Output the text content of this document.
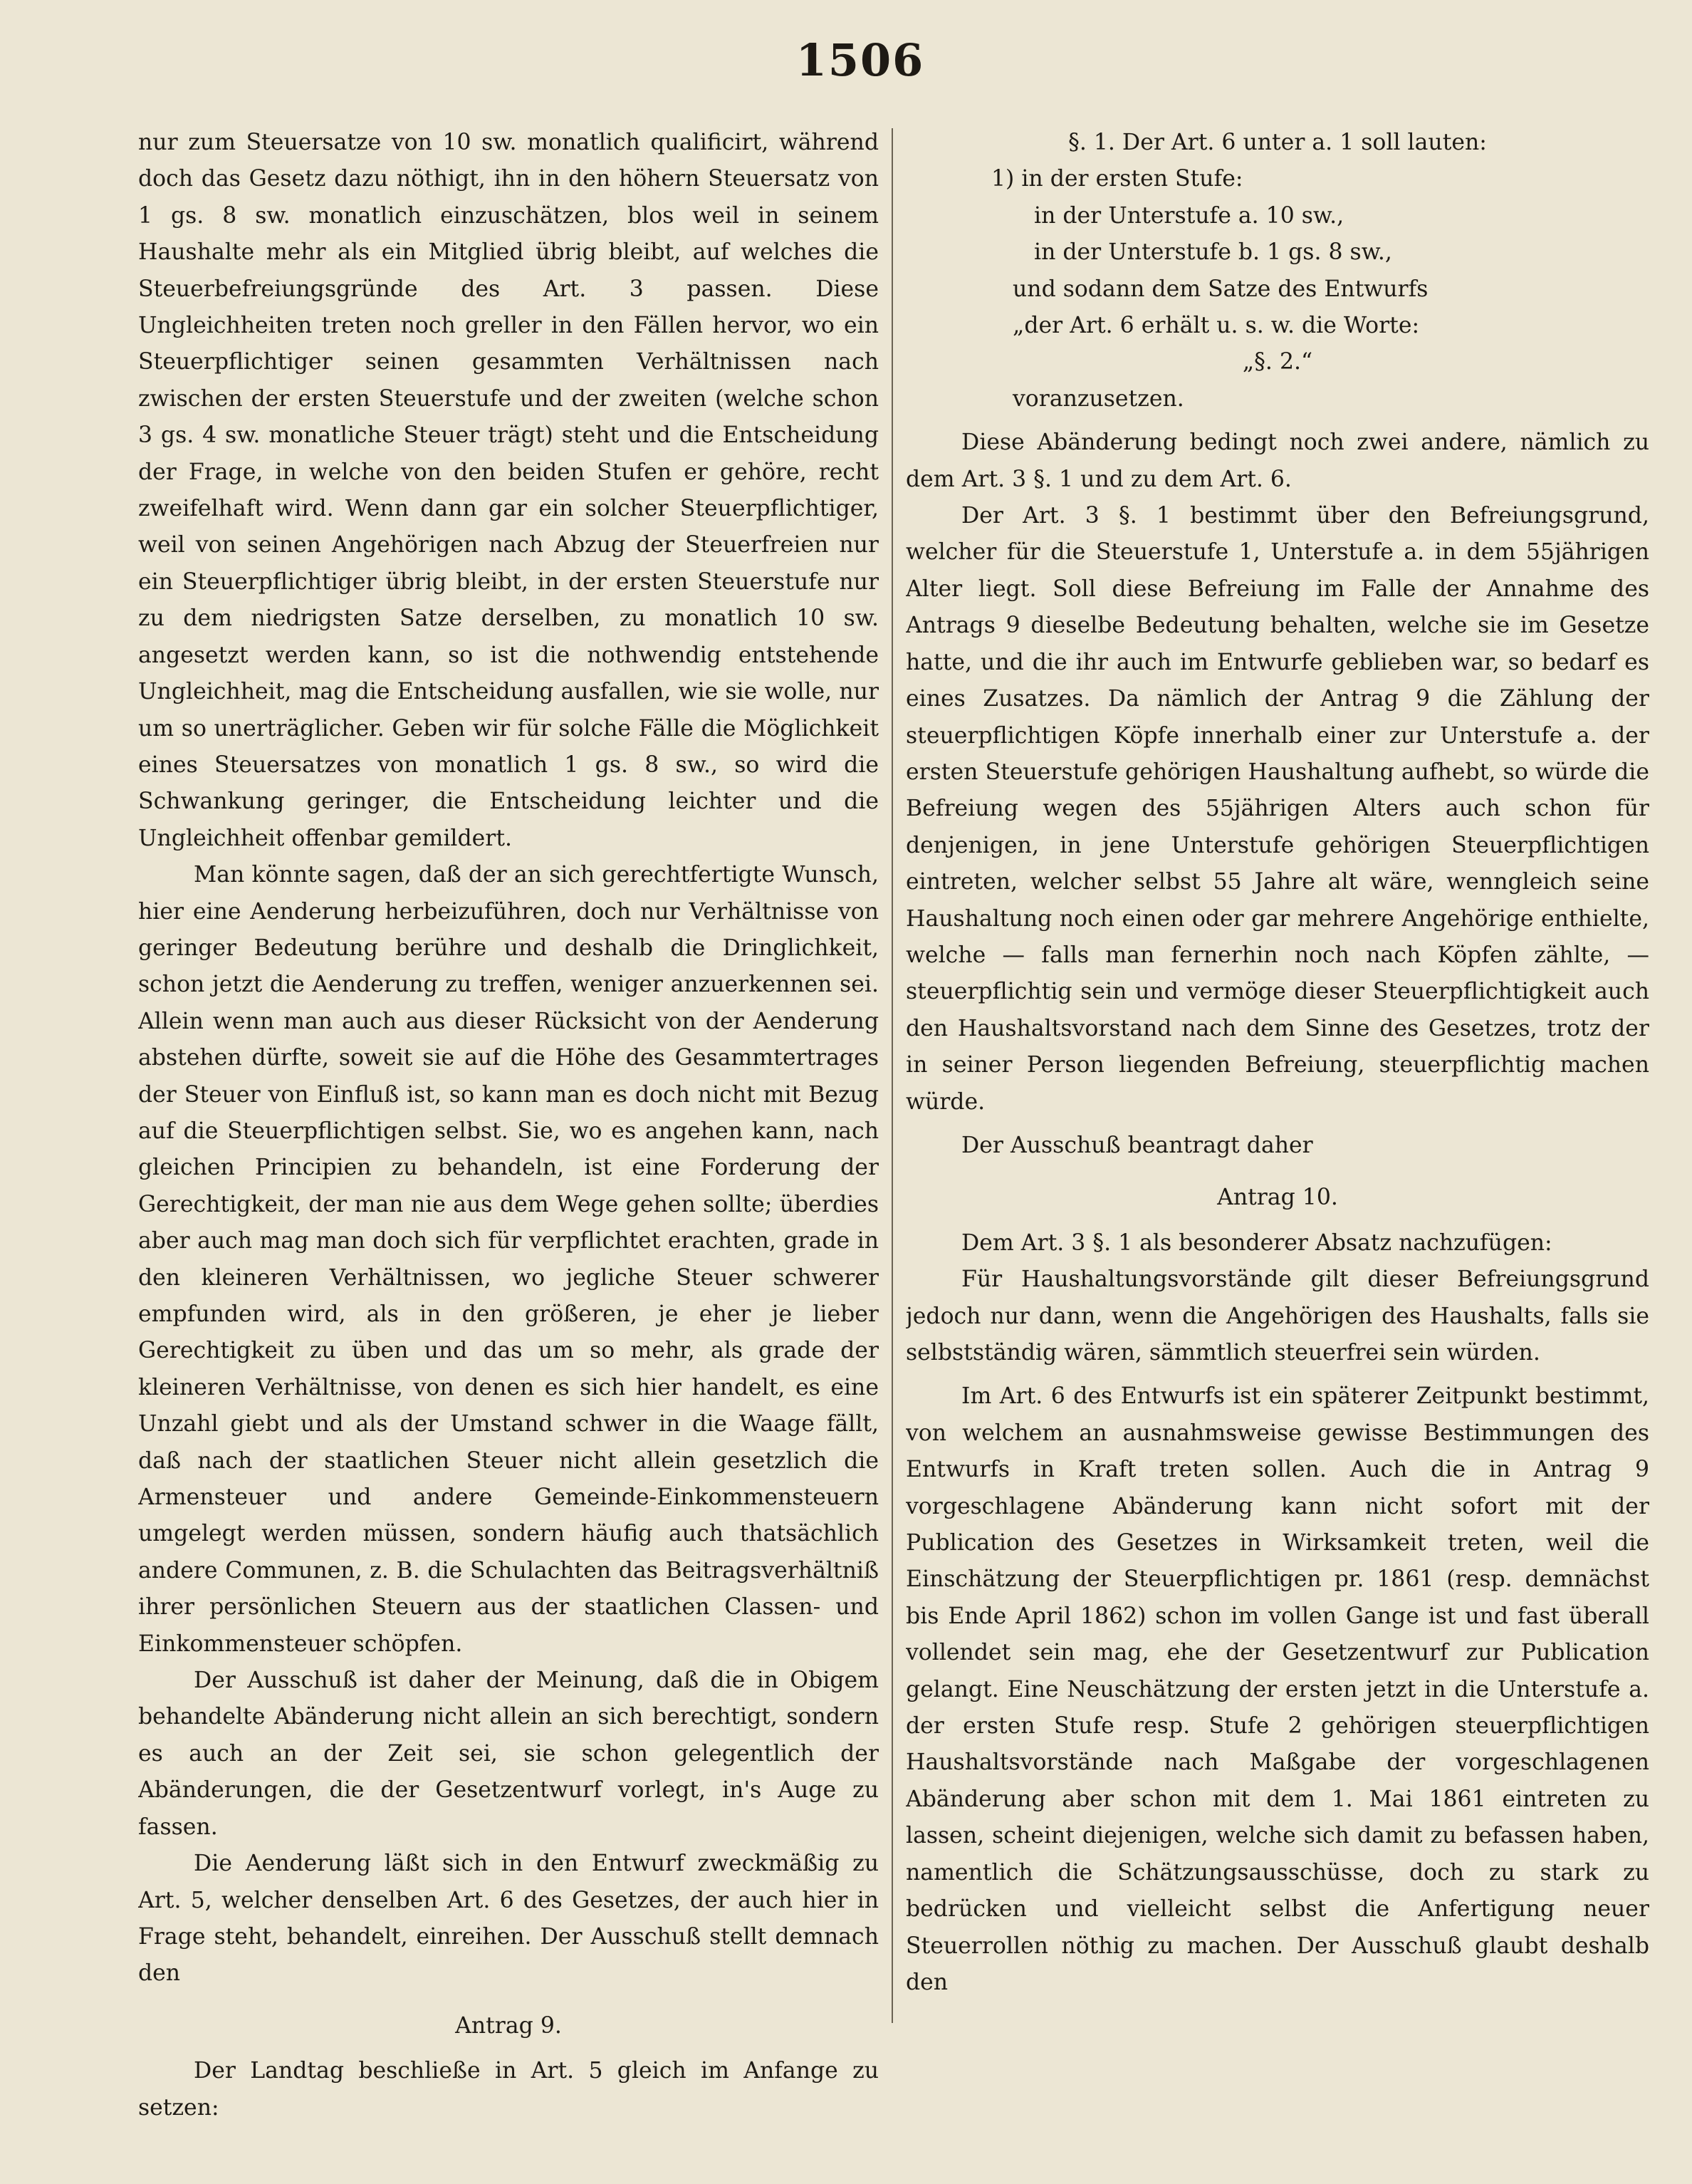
1506

nur zum Steuersatze von 10 sw. monatlich qualificirt, während doch das Gesetz dazu nöthigt, ihn in den höhern Steuersatz von 1 gs. 8 sw. monatlich einzuschätzen, blos weil in seinem Haushalte mehr als ein Mitglied übrig bleibt, auf welches die Steuerbefreiungsgründe des Art. 3 passen. Diese Ungleichheiten treten noch greller in den Fällen hervor, wo ein Steuerpflichtiger seinen gesammten Verhältnissen nach zwischen der ersten Steuerstufe und der zweiten (welche schon 3 gs. 4 sw. monatliche Steuer trägt) steht und die Entscheidung der Frage, in welche von den beiden Stufen er gehöre, recht zweifelhaft wird. Wenn dann gar ein solcher Steuerpflichtiger, weil von seinen Angehörigen nach Abzug der Steuerfreien nur ein Steuerpflichtiger übrig bleibt, in der ersten Steuerstufe nur zu dem niedrigsten Satze derselben, zu monatlich 10 sw. angesetzt werden kann, so ist die nothwendig entstehende Ungleichheit, mag die Entscheidung ausfallen, wie sie wolle, nur um so unerträglicher. Geben wir für solche Fälle die Möglichkeit eines Steuersatzes von monatlich 1 gs. 8 sw., so wird die Schwankung geringer, die Entscheidung leichter und die Ungleichheit offenbar gemildert.

Man könnte sagen, daß der an sich gerechtfertigte Wunsch, hier eine Aenderung herbeizuführen, doch nur Verhältnisse von geringer Bedeutung berühre und deshalb die Dringlichkeit, schon jetzt die Aenderung zu treffen, weniger anzuerkennen sei. Allein wenn man auch aus dieser Rücksicht von der Aenderung abstehen dürfte, soweit sie auf die Höhe des Gesammtertrages der Steuer von Einfluß ist, so kann man es doch nicht mit Bezug auf die Steuerpflichtigen selbst. Sie, wo es angehen kann, nach gleichen Principien zu behandeln, ist eine Forderung der Gerechtigkeit, der man nie aus dem Wege gehen sollte; überdies aber auch mag man doch sich für verpflichtet erachten, grade in den kleineren Verhältnissen, wo jegliche Steuer schwerer empfunden wird, als in den größeren, je eher je lieber Gerechtigkeit zu üben und das um so mehr, als grade der kleineren Verhältnisse, von denen es sich hier handelt, es eine Unzahl giebt und als der Umstand schwer in die Waage fällt, daß nach der staatlichen Steuer nicht allein gesetzlich die Armensteuer und andere Gemeinde-Einkommensteuern umgelegt werden müssen, sondern häufig auch thatsächlich andere Communen, z. B. die Schulachten das Beitragsverhältniß ihrer persönlichen Steuern aus der staatlichen Classen- und Einkommensteuer schöpfen.

Der Ausschuß ist daher der Meinung, daß die in Obigem behandelte Abänderung nicht allein an sich berechtigt, sondern es auch an der Zeit sei, sie schon gelegentlich der Abänderungen, die der Gesetzentwurf vorlegt, in's Auge zu fassen.

Die Aenderung läßt sich in den Entwurf zweckmäßig zu Art. 5, welcher denselben Art. 6 des Gesetzes, der auch hier in Frage steht, behandelt, einreihen. Der Ausschuß stellt demnach den

Antrag 9.

Der Landtag beschließe in Art. 5 gleich im Anfange zu setzen:

§. 1. Der Art. 6 unter a. 1 soll lauten:

1) in der ersten Stufe:

in der Unterstufe a. 10 sw.,

in der Unterstufe b. 1 gs. 8 sw.,

und sodann dem Satze des Entwurfs

„der Art. 6 erhält u. s. w. die Worte:

„§. 2.“

voranzusetzen.

Diese Abänderung bedingt noch zwei andere, nämlich zu dem Art. 3 §. 1 und zu dem Art. 6.

Der Art. 3 §. 1 bestimmt über den Befreiungsgrund, welcher für die Steuerstufe 1, Unterstufe a. in dem 55jährigen Alter liegt. Soll diese Befreiung im Falle der Annahme des Antrags 9 dieselbe Bedeutung behalten, welche sie im Gesetze hatte, und die ihr auch im Entwurfe geblieben war, so bedarf es eines Zusatzes. Da nämlich der Antrag 9 die Zählung der steuerpflichtigen Köpfe innerhalb einer zur Unterstufe a. der ersten Steuerstufe gehörigen Haushaltung aufhebt, so würde die Befreiung wegen des 55jährigen Alters auch schon für denjenigen, in jene Unterstufe gehörigen Steuerpflichtigen eintreten, welcher selbst 55 Jahre alt wäre, wenngleich seine Haushaltung noch einen oder gar mehrere Angehörige enthielte, welche — falls man fernerhin noch nach Köpfen zählte, — steuerpflichtig sein und vermöge dieser Steuerpflichtigkeit auch den Haushaltsvorstand nach dem Sinne des Gesetzes, trotz der in seiner Person liegenden Befreiung, steuerpflichtig machen würde.

Der Ausschuß beantragt daher

Antrag 10.

Dem Art. 3 §. 1 als besonderer Absatz nachzufügen:

Für Haushaltungsvorstände gilt dieser Befreiungsgrund jedoch nur dann, wenn die Angehörigen des Haushalts, falls sie selbstständig wären, sämmtlich steuerfrei sein würden.

Im Art. 6 des Entwurfs ist ein späterer Zeitpunkt bestimmt, von welchem an ausnahmsweise gewisse Bestimmungen des Entwurfs in Kraft treten sollen. Auch die in Antrag 9 vorgeschlagene Abänderung kann nicht sofort mit der Publication des Gesetzes in Wirksamkeit treten, weil die Einschätzung der Steuerpflichtigen pr. 1861 (resp. demnächst bis Ende April 1862) schon im vollen Gange ist und fast überall vollendet sein mag, ehe der Gesetzentwurf zur Publication gelangt. Eine Neuschätzung der ersten jetzt in die Unterstufe a. der ersten Stufe resp. Stufe 2 gehörigen steuerpflichtigen Haushaltsvorstände nach Maßgabe der vorgeschlagenen Abänderung aber schon mit dem 1. Mai 1861 eintreten zu lassen, scheint diejenigen, welche sich damit zu befassen haben, namentlich die Schätzungsausschüsse, doch zu stark zu bedrücken und vielleicht selbst die Anfertigung neuer Steuerrollen nöthig zu machen. Der Ausschuß glaubt deshalb den
